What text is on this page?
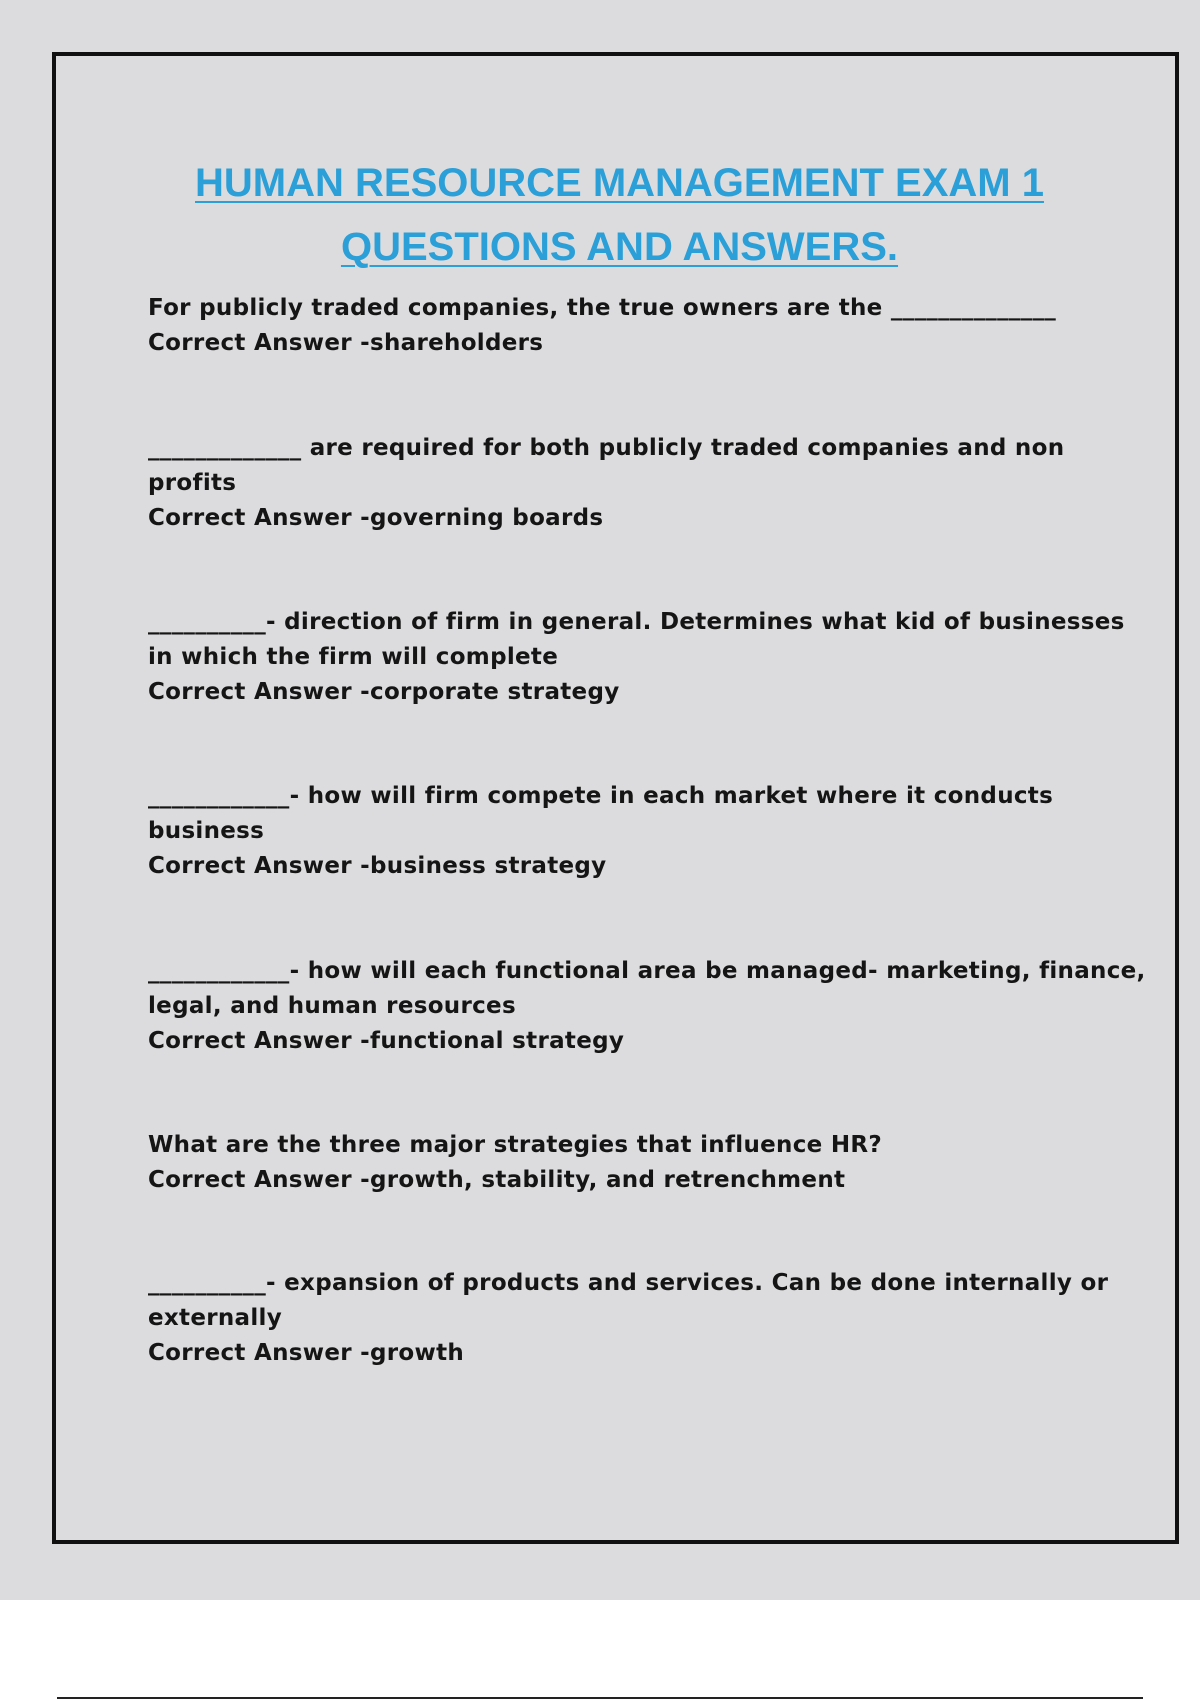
HUMAN RESOURCE MANAGEMENT EXAM 1
QUESTIONS AND ANSWERS.

For publicly traded companies, the true owners are the ______________

Correct Answer -shareholders

_____________ are required for both publicly traded companies and non profits

Correct Answer -governing boards

__________- direction of firm in general. Determines what kid of businesses in which the firm will complete

Correct Answer -corporate strategy

____________- how will firm compete in each market where it conducts business

Correct Answer -business strategy

____________- how will each functional area be managed- marketing, finance, legal, and human resources

Correct Answer -functional strategy

What are the three major strategies that influence HR?

Correct Answer -growth, stability, and retrenchment

__________- expansion of products and services. Can be done internally or externally

Correct Answer -growth
